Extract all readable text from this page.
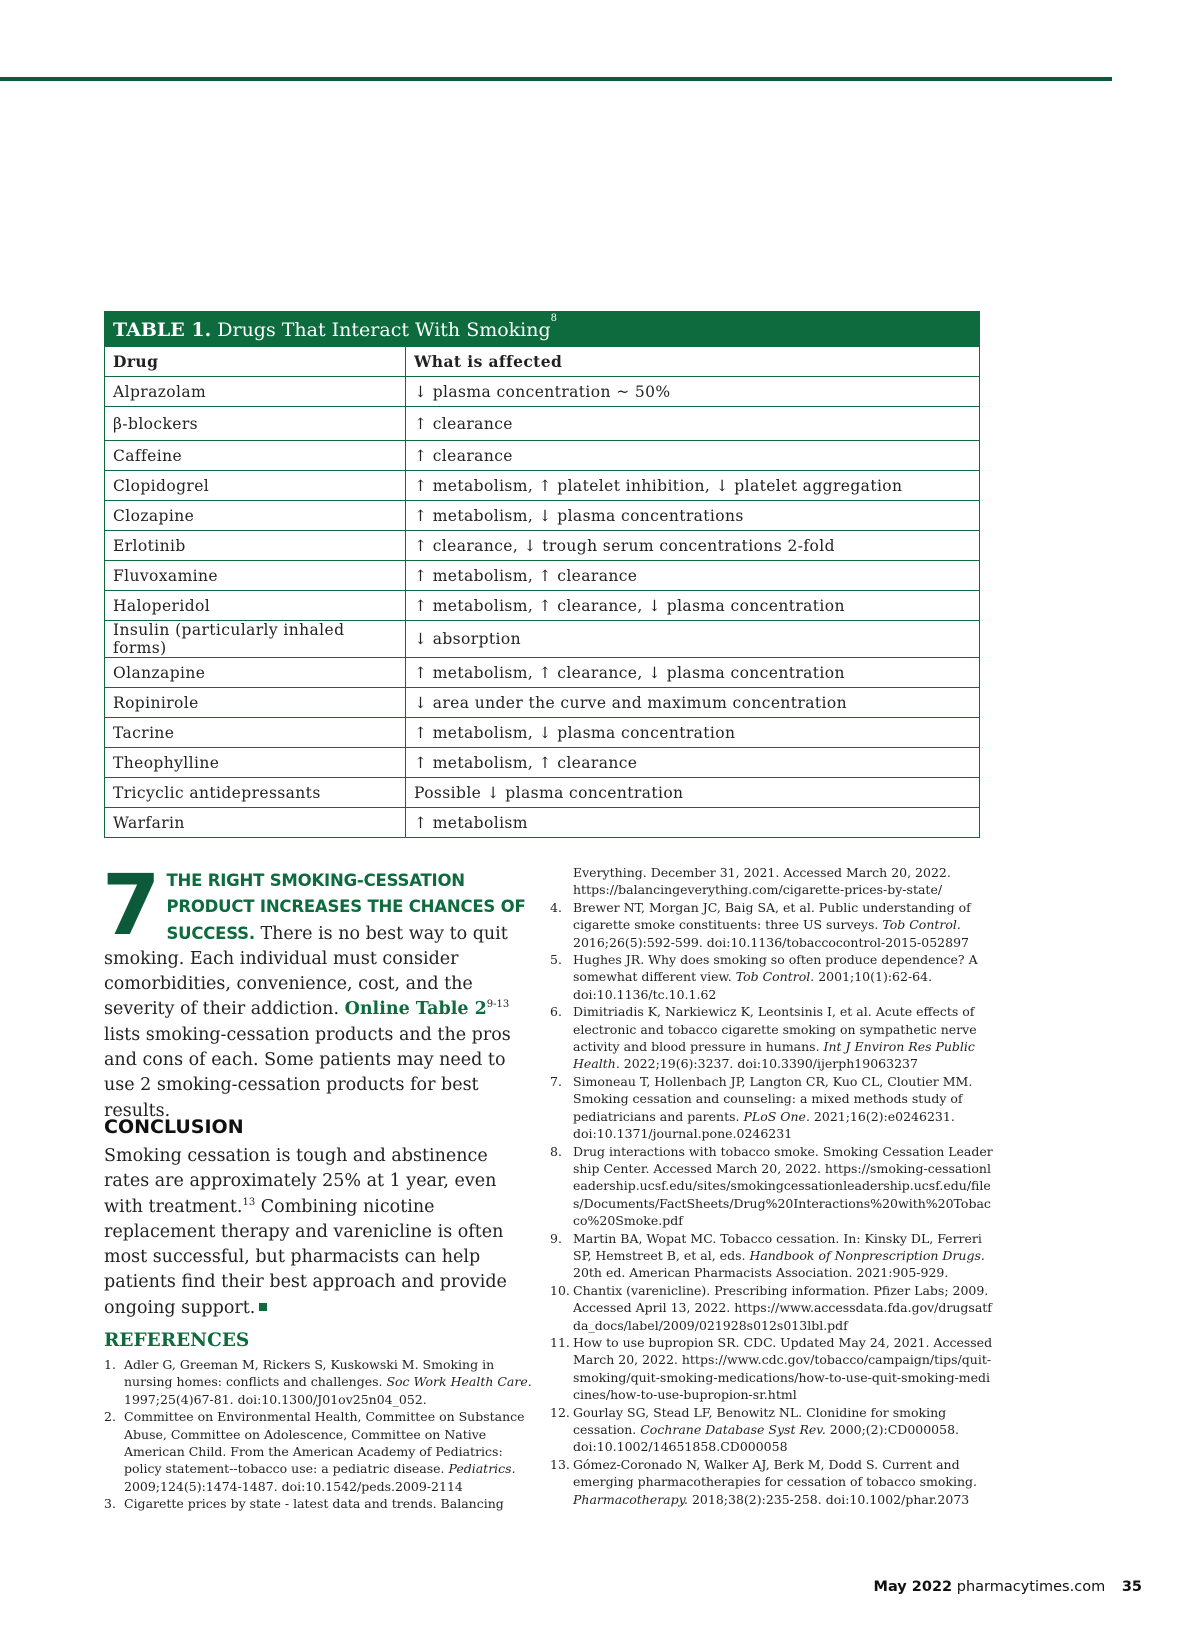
TABLE 1. Drugs That Interact With Smoking$^8$
Drug	What is affected
Alprazolam	↓ plasma concentration ~ 50%
β-blockers	↑ clearance
Caffeine	↑ clearance
Clopidogrel	↑ metabolism, ↑ platelet inhibition, ↓ platelet aggregation
Clozapine	↑ metabolism, ↓ plasma concentrations
Erlotinib	↑ clearance, ↓ trough serum concentrations 2-fold
Fluvoxamine	↑ metabolism, ↑ clearance
Haloperidol	↑ metabolism, ↑ clearance, ↓ plasma concentration
Insulin (particularly inhaled forms)	↓ absorption
Olanzapine	↑ metabolism, ↑ clearance, ↓ plasma concentration
Ropinirole	↓ area under the curve and maximum concentration
Tacrine	↑ metabolism, ↓ plasma concentration
Theophylline	↑ metabolism, ↑ clearance
Tricyclic antidepressants	Possible ↓ plasma concentration
Warfarin	↑ metabolism
7 THE RIGHT SMOKING-CESSATION PRODUCT INCREASES THE CHANCES OF SUCCESS. There is no best way to quit smoking. Each individual must consider comorbidities, convenience, cost, and the severity of their addiction. Online Table 2$^{9-13}$ lists smoking-cessation products and the pros and cons of each. Some patients may need to use 2 smoking-cessation products for best results.
CONCLUSION

Smoking cessation is tough and abstinence rates are approximately 25% at 1 year, even with treatment.$^{13}$ Combining nicotine replacement therapy and varenicline is often most successful, but pharmacists can help patients find their best approach and provide ongoing support.

REFERENCES
1. Adler G, Greeman M, Rickers S, Kuskowski M. Smoking in nursing homes: conflicts and challenges. Soc Work Health Care. 1997;25(4)67-81. doi:10.1300/J01ov25n04_052.
2. Committee on Environmental Health, Committee on Substance Abuse, Committee on Adolescence, Committee on Native American Child. From the American Academy of Pediatrics: policy statement--tobacco use: a pediatric disease. Pediatrics. 2009;124(5):1474-1487. doi:10.1542/peds.2009-2114
3. Cigarette prices by state - latest data and trends. Balancing
Everything. December 31, 2021. Accessed March 20, 2022. https://balancingeverything.com/cigarette-prices-by-state/
4. Brewer NT, Morgan JC, Baig SA, et al. Public understanding of cigarette smoke constituents: three US surveys. Tob Control. 2016;26(5):592-599. doi:10.1136/tobaccocontrol-2015-052897
5. Hughes JR. Why does smoking so often produce dependence? A somewhat different view. Tob Control. 2001;10(1):62-64. doi:10.1136/tc.10.1.62
6. Dimitriadis K, Narkiewicz K, Leontsinis I, et al. Acute effects of electronic and tobacco cigarette smoking on sympathetic nerve activity and blood pressure in humans. Int J Environ Res Public Health. 2022;19(6):3237. doi:10.3390/ijerph19063237
7. Simoneau T, Hollenbach JP, Langton CR, Kuo CL, Cloutier MM. Smoking cessation and counseling: a mixed methods study of pediatricians and parents. PLoS One. 2021;16(2):e0246231. doi:10.1371/journal.pone.0246231
8. Drug interactions with tobacco smoke. Smoking Cessation Leadership Center. Accessed March 20, 2022. https://smoking-cessationleadership.ucsf.edu/sites/smokingcessationleadership.ucsf.edu/files/Documents/FactSheets/Drug%20Interactions%20with%20Tobacco%20Smoke.pdf
9. Martin BA, Wopat MC. Tobacco cessation. In: Kinsky DL, Ferreri SP, Hemstreet B, et al, eds. Handbook of Nonprescription Drugs. 20th ed. American Pharmacists Association. 2021:905-929.
10. Chantix (varenicline). Prescribing information. Pfizer Labs; 2009. Accessed April 13, 2022. https://www.accessdata.fda.gov/drugsatfda_docs/label/2009/021928s012s013lbl.pdf
11. How to use bupropion SR. CDC. Updated May 24, 2021. Accessed March 20, 2022. https://www.cdc.gov/tobacco/campaign/tips/quit-smoking/quit-smoking-medications/how-to-use-quit-smoking-medicines/how-to-use-bupropion-sr.html
12. Gourlay SG, Stead LF, Benowitz NL. Clonidine for smoking cessation. Cochrane Database Syst Rev. 2000;(2):CD000058. doi:10.1002/14651858.CD000058
13. Gómez-Coronado N, Walker AJ, Berk M, Dodd S. Current and emerging pharmacotherapies for cessation of tobacco smoking. Pharmacotherapy. 2018;38(2):235-258. doi:10.1002/phar.2073
May 2022 pharmacytimes.com 35
